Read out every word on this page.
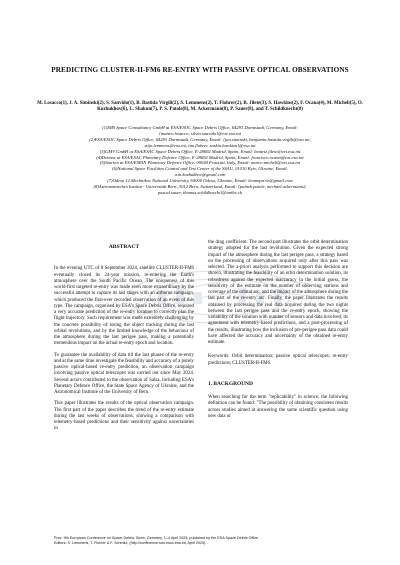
PREDICTING CLUSTER-II-FM6 RE-ENTRY WITH PASSIVE OPTICAL OBSERVATIONS
M. Losacco(1), J. A. Siminski(2), S. Sanvido(1), B. Bastida Virgili(2), S. Lemmens(2), T. Flohrer(2), B. Jilete(3), S. Hawkins(2), F. Ocana(4), M. Micheli(5), O. Kozhukhov(6), L. Shakun(7), P. S. Patole(8), M. Ackermann(8), P. Sauer(8), and T. Schildknecht(8)
(1)IMS Space Consultancy GmbH at ESA/ESOC Space Debris Office, 64293 Darmstadt, Germany, Email:
{matteo.losacco, silvia.sanvido}@ext.esa.int
(2)ESA/ESOC Space Debris Office, 64293 Darmstadt, Germany, Email: {jan.siminski, benjamin.bastida.virgili@esa.int,
stijn.lemmens@esa.int, tim.flohrer, saskia.hawkins}@esa.int
(3)GMV GmbH at ESA/ESAC Space Debris Office, E-28692 Madrid, Spain, Email: beatriz.jilete@ext.esa.int
(4)Deimos at ESA/ESAC Planetary Defence Office, E-28692 Madrid, Spain, Email: francisco.ocana@ext.esa.int
(5)Starion at ESA/ESRIN Planetary Defence Office, 00044 Frascati, Italy, Email: marco.micheli@ext.esa.int
(6)National Space Facilities Control and Test Center of the SSAU, 01010 Kyiv, Ukraine, Email:
a.m.kozhukhov@gmail.com
(7)Odesa I.I.Mechnikov National University, 65000 Odesa, Ukraine, Email: leonmpa.ve@gmail.com
(8)Astronomisches Institut - Universität Bern, 3012 Bern, Switzerland, Email: {palash.patole, michael.ackermann2,
pascal.sauer, thomas.schildknecht}@unibe.ch
ABSTRACT

In the evening UTC of 8 September 2024, satellite CLUSTER-II-FM6 eventually closed its 24-year mission, re-entering the Earth's atmosphere over the South Pacific Ocean. The uniqueness of this world-first targeted re-entry was made even more extraordinary by the successful attempt to capture its last stages with an airborne campaign, which produced the first-ever recorded observation of an event of this type. The campaign, organised by ESA's Space Debris Office, required a very accurate prediction of the re-entry location to correctly plan the flight trajectory. Such requirement was made extremely challenging by the concrete possibility of losing the object tracking during the last orbital revolutions, and by the limited knowledge of the behaviour of the atmosphere during the last perigee pass, making a potentially tremendous impact on the actual re-entry epoch and location.

To guarantee the availability of data till the last phases of the re-entry and at the same time investigate the feasibility and accuracy of a purely passive optical-based re-entry prediction, an observation campaign involving passive optical telescopes was carried out since May 2024. Several actors contributed to the observation of Salsa, including ESA's Planetary Defence Office, the State Space Agency of Ukraine, and the Astronomical Institute of the University of Bern.

This paper illustrates the results of the optical observation campaign. The first part of the paper describes the trend of the re-entry estimate during the last weeks of observations, showing a comparison with telemetry-based predictions and their sensitivity against uncertainties in

the drag coefficient. The second part illustrates the orbit determination strategy adopted for the last revolution. Given the expected strong impact of the atmosphere during the last perigee pass, a strategy based on the processing of observations acquired only after this pass was selected. The a-priori analysis performed to support this decision are shown, illustrating the feasibility of an orbit determination solution, its robustness against the expected inaccuracy in the initial guess, the sensitivity of the estimate on the number of observing stations and coverage of the orbital arc, and the impact of the atmosphere during the last part of the re-entry arc. Finally, the paper illustrates the results obtained by processing the real data acquired during the two nights between the last perigee pass and the re-entry epoch, showing the variability of the solution with number of sensors and data involved, its agreement with telemetry-based predictions, and a post-processing of the results, illustrating how the inclusion of pre-perigee pass data could have affected the accuracy and uncertainty of the obtained re-entry estimate.

Keywords: Orbit determination; passive optical telescopes; re-entry predictions; CLUSTER-II-FM6.

1. BACKGROUND

When searching for the term "replicability" in science, the following definition can be found: "The possibility of obtaining consistent results across studies aimed at answering the same scientific question using new data or

Proc. 9th European Conference on Space Debris, Bonn, Germany, 1–4 April 2025, published by the ESA Space Debris Office
Editors: S. Lemmens, T. Flohrer & F. Schmitz, (http://conference.sdo.esoc.esa.int, April 2025)
